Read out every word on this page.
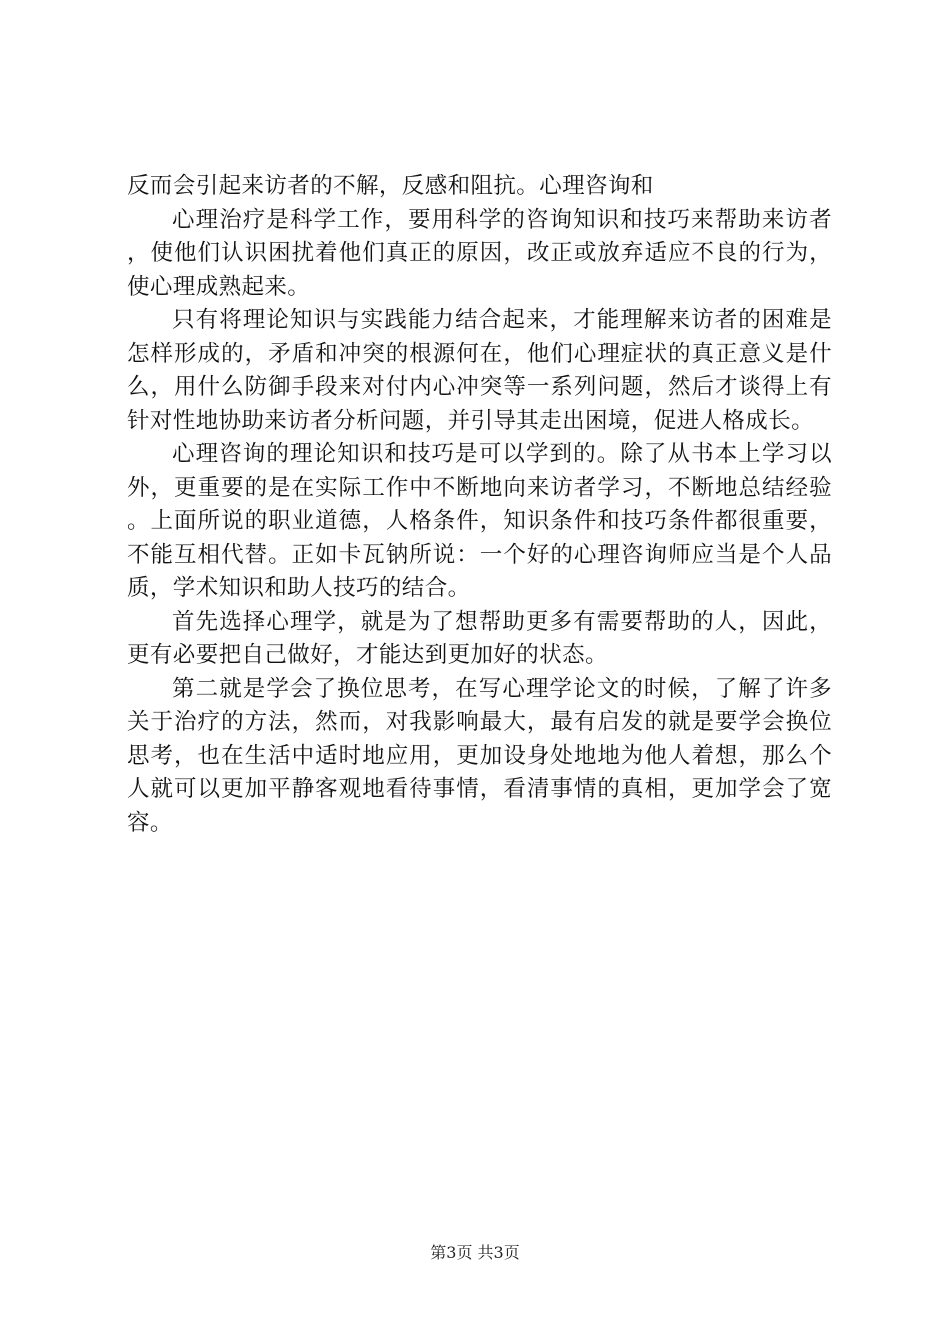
反而会引起来访者的不解，反感和阻抗。心理咨询和

心理治疗是科学工作，要用科学的咨询知识和技巧来帮助来访者，使他们认识困扰着他们真正的原因，改正或放弃适应不良的行为，使心理成熟起来。

只有将理论知识与实践能力结合起来，才能理解来访者的困难是怎样形成的，矛盾和冲突的根源何在，他们心理症状的真正意义是什么，用什么防御手段来对付内心冲突等一系列问题，然后才谈得上有针对性地协助来访者分析问题，并引导其走出困境，促进人格成长。

心理咨询的理论知识和技巧是可以学到的。除了从书本上学习以外，更重要的是在实际工作中不断地向来访者学习，不断地总结经验。上面所说的职业道德，人格条件，知识条件和技巧条件都很重要，不能互相代替。正如卡瓦钠所说：一个好的心理咨询师应当是个人品质，学术知识和助人技巧的结合。

首先选择心理学，就是为了想帮助更多有需要帮助的人，因此，更有必要把自己做好，才能达到更加好的状态。

第二就是学会了换位思考，在写心理学论文的时候，了解了许多关于治疗的方法，然而，对我影响最大，最有启发的就是要学会换位思考，也在生活中适时地应用，更加设身处地地为他人着想，那么个人就可以更加平静客观地看待事情，看清事情的真相，更加学会了宽容。

第3页 共3页
